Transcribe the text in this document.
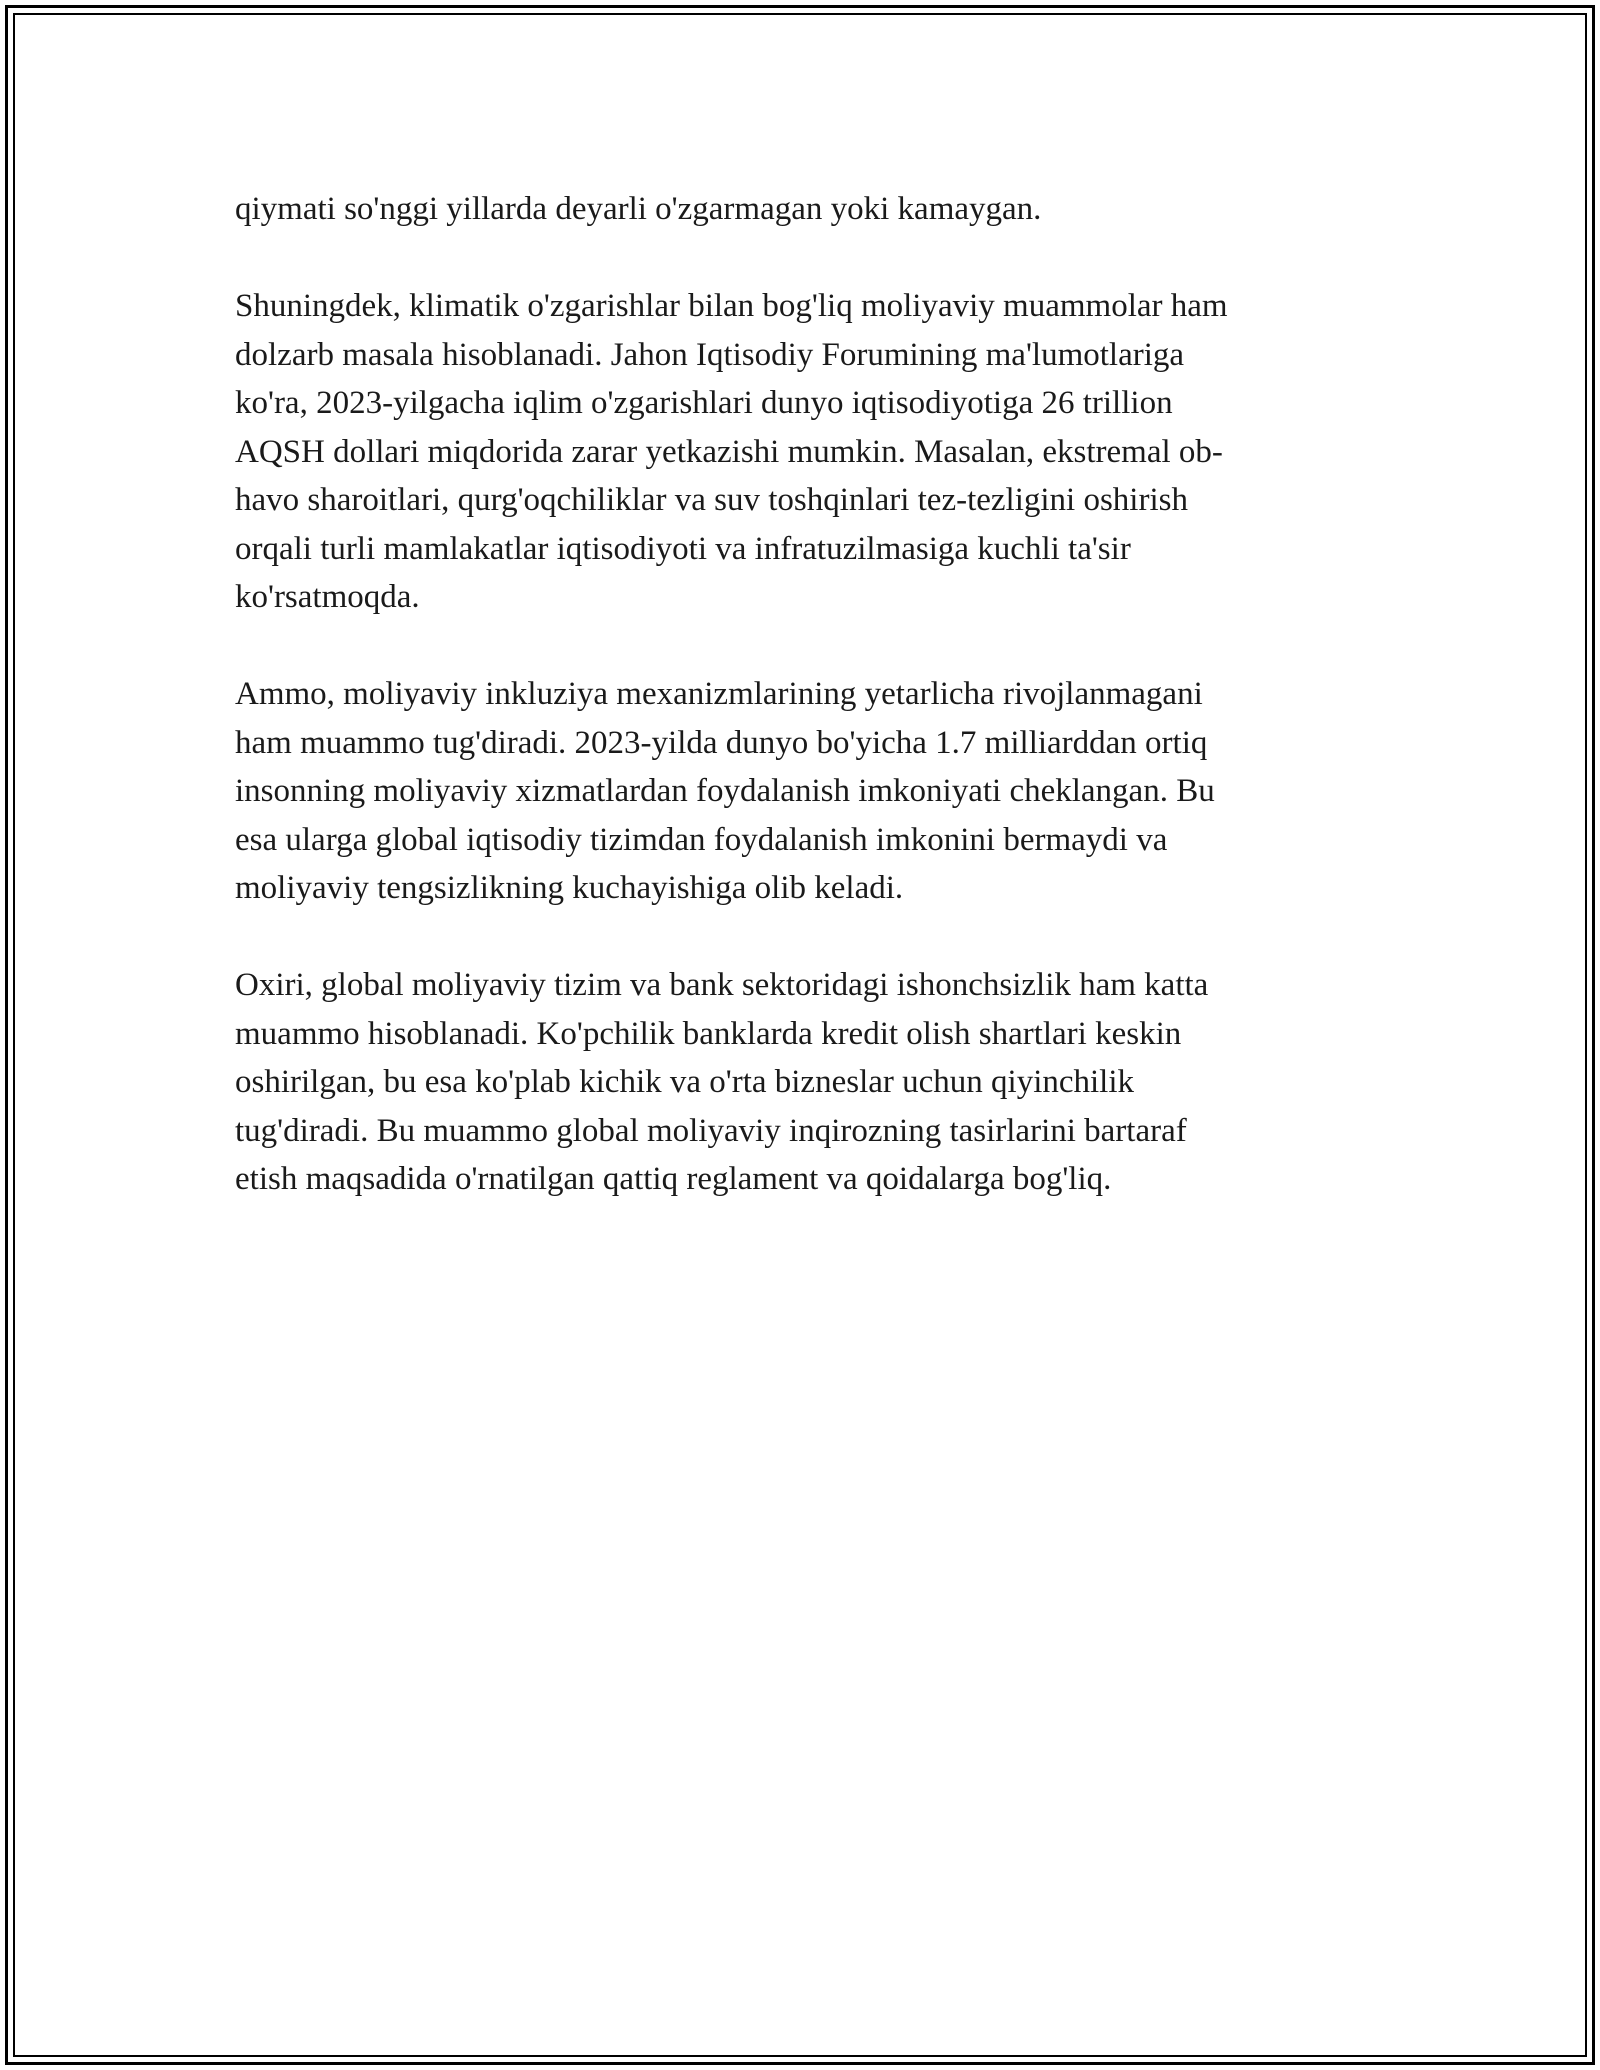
qiymati so'nggi yillarda deyarli o'zgarmagan yoki kamaygan.

Shuningdek, klimatik o'zgarishlar bilan bog'liq moliyaviy muammolar ham
dolzarb masala hisoblanadi. Jahon Iqtisodiy Forumining ma'lumotlariga
ko'ra, 2023-yilgacha iqlim o'zgarishlari dunyo iqtisodiyotiga 26 trillion
AQSH dollari miqdorida zarar yetkazishi mumkin. Masalan, ekstremal ob-
havo sharoitlari, qurg'oqchiliklar va suv toshqinlari tez-tezligini oshirish
orqali turli mamlakatlar iqtisodiyoti va infratuzilmasiga kuchli ta'sir
ko'rsatmoqda.

Ammo, moliyaviy inkluziya mexanizmlarining yetarlicha rivojlanmagani
ham muammo tug'diradi. 2023-yilda dunyo bo'yicha 1.7 milliarddan ortiq
insonning moliyaviy xizmatlardan foydalanish imkoniyati cheklangan. Bu
esa ularga global iqtisodiy tizimdan foydalanish imkonini bermaydi va
moliyaviy tengsizlikning kuchayishiga olib keladi.

Oxiri, global moliyaviy tizim va bank sektoridagi ishonchsizlik ham katta
muammo hisoblanadi. Ko'pchilik banklarda kredit olish shartlari keskin
oshirilgan, bu esa ko'plab kichik va o'rta bizneslar uchun qiyinchilik
tug'diradi. Bu muammo global moliyaviy inqirozning tasirlarini bartaraf
etish maqsadida o'rnatilgan qattiq reglament va qoidalarga bog'liq.
